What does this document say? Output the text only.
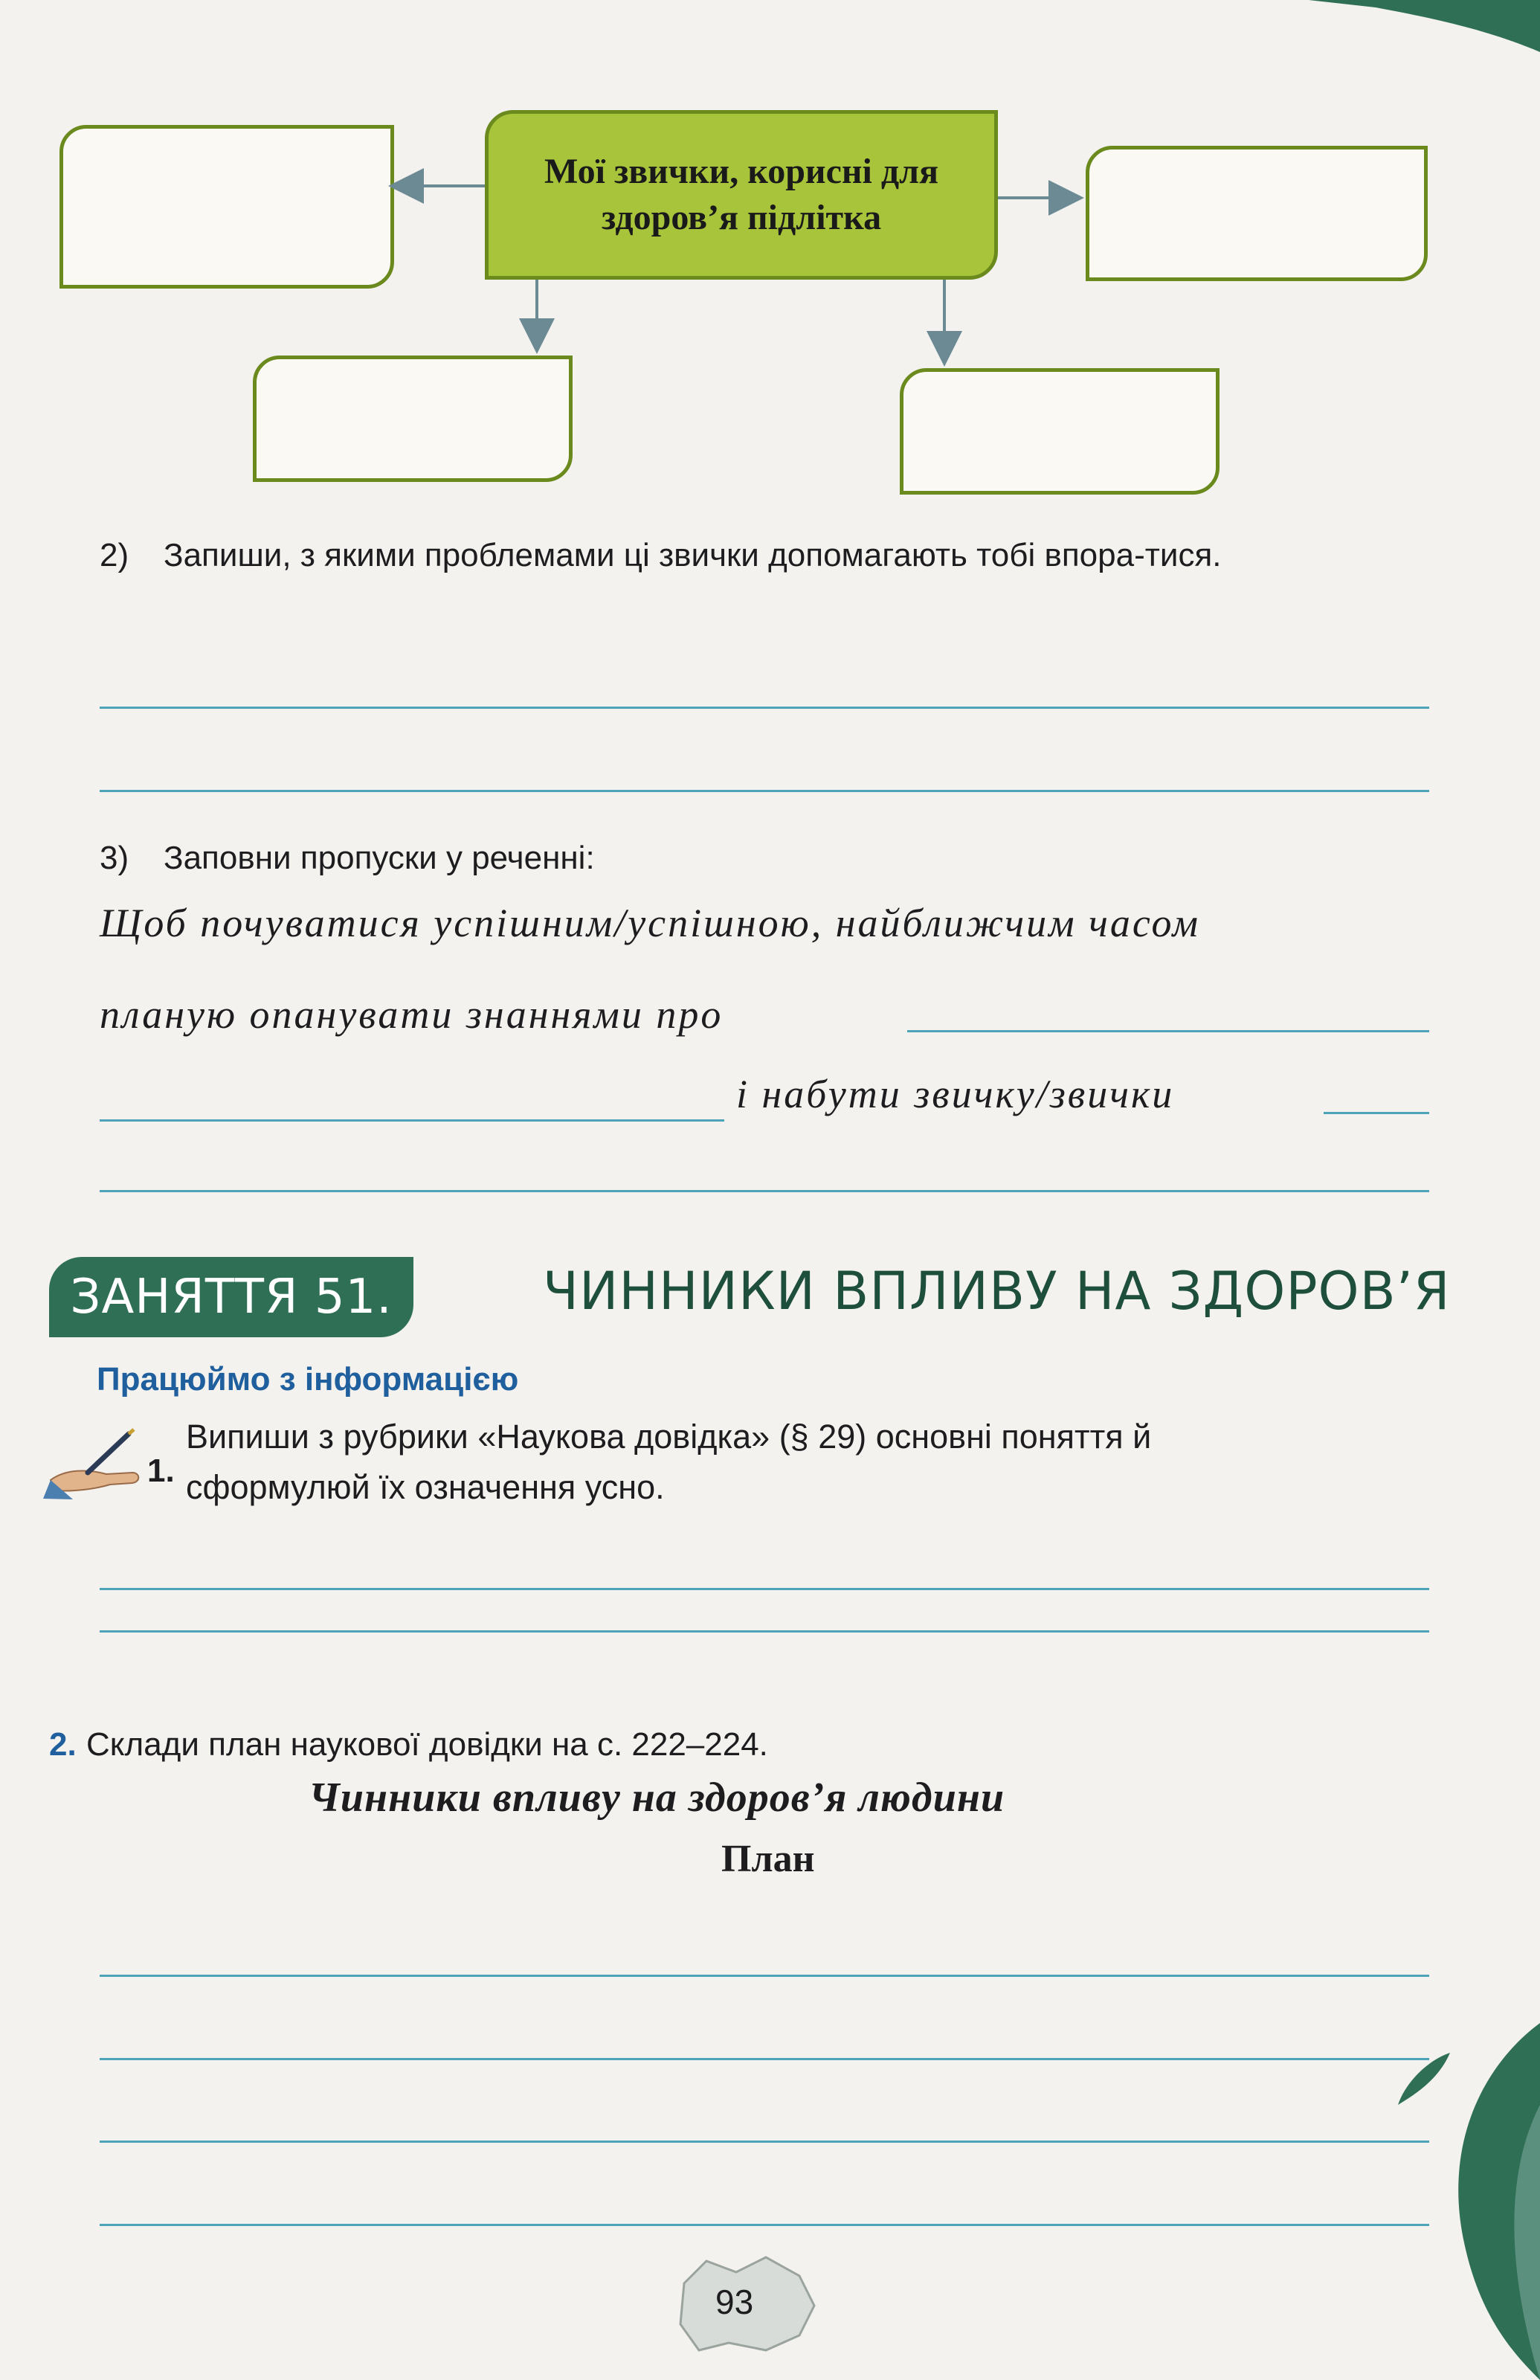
Мої звички, корисні для здоров’я підлітка
2) Запиши, з якими проблемами ці звички допомагають тобі впора-тися.
3) Заповни пропуски у реченні:
Щоб почуватися успішним/успішною, найближчим часом
планую опанувати знаннями про
і набути звичку/звички
ЗАНЯТТЯ 51.	ЧИННИКИ ВПЛИВУ НА ЗДОРОВ’Я
Працюймо з інформацією
1.
Випиши з рубрики «Наукова довідка» (§ 29) основні поняття й
сформулюй їх означення усно.
2. Склади план наукової довідки на с. 222–224.
Чинники впливу на здоров’я людини
План
93
